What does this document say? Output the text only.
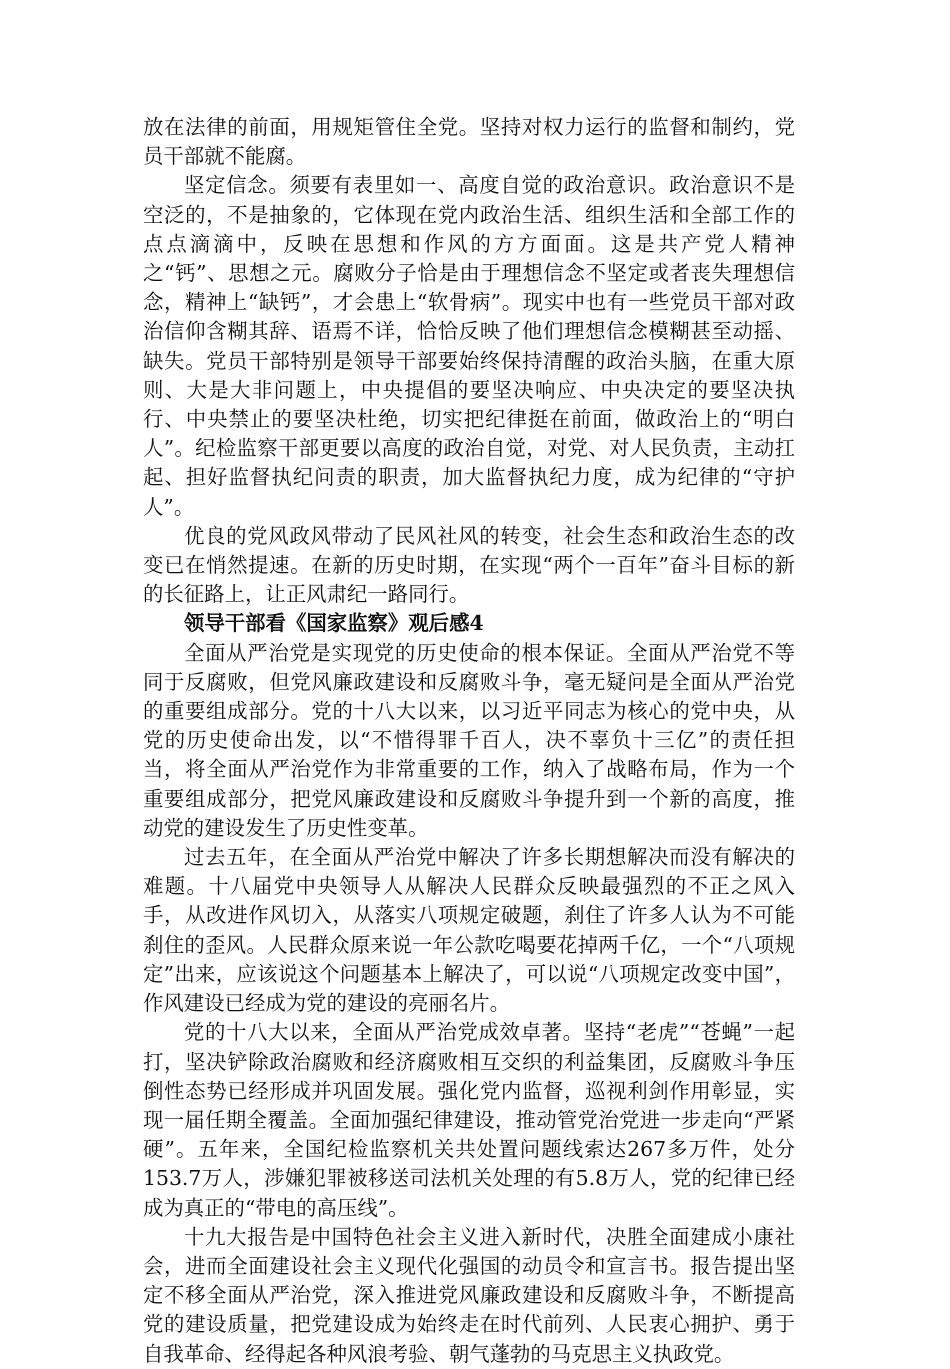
放在法律的前面，用规矩管住全党。坚持对权力运行的监督和制约，党员干部就不能腐。

坚定信念。须要有表里如一、高度自觉的政治意识。政治意识不是空泛的，不是抽象的，它体现在党内政治生活、组织生活和全部工作的点点滴滴中，反映在思想和作风的方方面面。这是共产党人精神之“钙”、思想之元。腐败分子恰是由于理想信念不坚定或者丧失理想信念，精神上“缺钙”，才会患上“软骨病”。现实中也有一些党员干部对政治信仰含糊其辞、语焉不详，恰恰反映了他们理想信念模糊甚至动摇、缺失。党员干部特别是领导干部要始终保持清醒的政治头脑，在重大原则、大是大非问题上，中央提倡的要坚决响应、中央决定的要坚决执行、中央禁止的要坚决杜绝，切实把纪律挺在前面，做政治上的“明白人”。纪检监察干部更要以高度的政治自觉，对党、对人民负责，主动扛起、担好监督执纪问责的职责，加大监督执纪力度，成为纪律的“守护人”。

优良的党风政风带动了民风社风的转变，社会生态和政治生态的改变已在悄然提速。在新的历史时期，在实现“两个一百年”奋斗目标的新的长征路上，让正风肃纪一路同行。

领导干部看《国家监察》观后感4

全面从严治党是实现党的历史使命的根本保证。全面从严治党不等同于反腐败，但党风廉政建设和反腐败斗争，毫无疑问是全面从严治党的重要组成部分。党的十八大以来，以习近平同志为核心的党中央，从党的历史使命出发，以“不惜得罪千百人，决不辜负十三亿”的责任担当，将全面从严治党作为非常重要的工作，纳入了战略布局，作为一个重要组成部分，把党风廉政建设和反腐败斗争提升到一个新的高度，推动党的建设发生了历史性变革。

过去五年，在全面从严治党中解决了许多长期想解决而没有解决的难题。十八届党中央领导人从解决人民群众反映最强烈的不正之风入手，从改进作风切入，从落实八项规定破题，刹住了许多人认为不可能刹住的歪风。人民群众原来说一年公款吃喝要花掉两千亿，一个“八项规定”出来，应该说这个问题基本上解决了，可以说“八项规定改变中国”，作风建设已经成为党的建设的亮丽名片。

党的十八大以来，全面从严治党成效卓著。坚持“老虎”“苍蝇”一起打，坚决铲除政治腐败和经济腐败相互交织的利益集团，反腐败斗争压倒性态势已经形成并巩固发展。强化党内监督，巡视利剑作用彰显，实现一届任期全覆盖。全面加强纪律建设，推动管党治党进一步走向“严紧硬”。五年来，全国纪检监察机关共处置问题线索达267多万件，处分153.7万人，涉嫌犯罪被移送司法机关处理的有5.8万人，党的纪律已经成为真正的“带电的高压线”。

十九大报告是中国特色社会主义进入新时代，决胜全面建成小康社会，进而全面建设社会主义现代化强国的动员令和宣言书。报告提出坚定不移全面从严治党，深入推进党风廉政建设和反腐败斗争，不断提高党的建设质量，把党建设成为始终走在时代前列、人民衷心拥护、勇于自我革命、经得起各种风浪考验、朝气蓬勃的马克思主义执政党。
